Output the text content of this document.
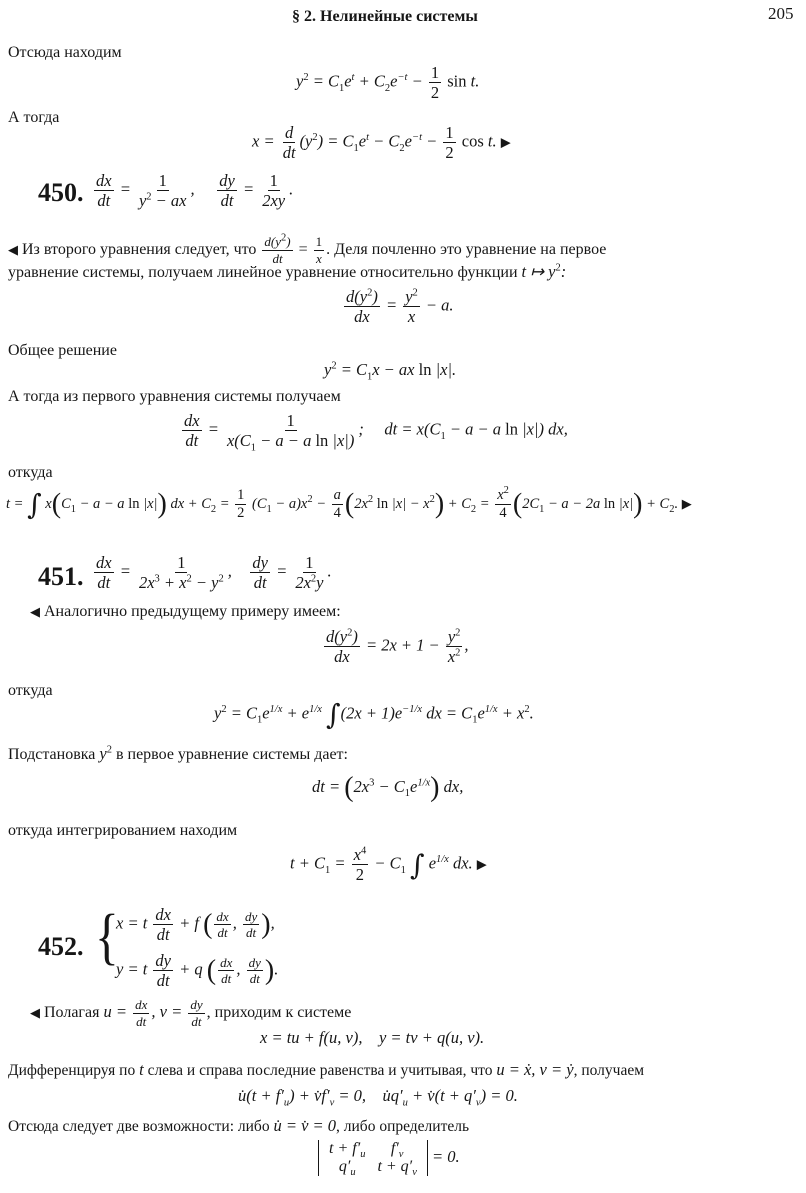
§ 2. Нелинейные системы	205
Отсюда находим
$y^2 = C_1e^t + C_2e^{-t} - \frac{1}{2}$ sin t.
А тогда
$x = \frac{d}{dt} (y^2) = C_1e^t - C_2e^{-t} - \frac{1}{2}$ cos t. ▶
450. $\frac{dx}{dt} = \frac{1}{y^2 - ax}$ , $\frac{dy}{dt} = \frac{1}{2xy}$ .
◀ Из второго уравнения следует, что $\frac{d(y^2)}{dt} = \frac{1}{x}$ . Деля почленно это уравнение на первое
уравнение системы, получаем линейное уравнение относительно функции t ↦ $y^2$:
$\frac{d(y^2)}{dx} = \frac{y^2}{x} - a$.
Общее решение
$y^2 = C_1x$ − ax ln |x|.
А тогда из первого уравнения системы получаем
$\frac{dx}{dt} = \frac{1}{x(C_1 - a - a \ln |x|)}$ ;     dt = $x(C_1 - a - a$ ln |x|) dx,
откуда
t = ∫ $x(C_1 - a - a$ ln |x|) dx + $C_2 = \frac{1}{2} (C_1 - a)x^2 - \frac{a}{4} (2x^2$ $\ln |x| - x^2) + C_2 = \frac{x^2}{4} (2C_1 - a - 2a$ $\ln |x|) + C_2$. ▶
451. $\frac{dx}{dt} = \frac{1}{2x^3 + x^2 - y^2}$ , $\frac{dy}{dt} = \frac{1}{2x^2y}$ .
◀ Аналогично предыдущему примеру имеем:
$\frac{d(y^2)}{dx} = 2x + 1 - \frac{y^2}{x^2}$ ,
откуда
$y^2 = C_1e^{1/x} + e^{1/x}$ $\int(2x + 1)e^{-1/x}$ dx = $C_1e^{1/x} + x^2$.
Подстановка $y^2$ в первое уравнение системы дает:
dt = $(2x^3 - C_1e^{1/x})$ dx,
откуда интегрированием находим
$t + C_1 = \frac{x^4}{2} - C_1$ ∫ $e^{1/x}$ dx. ▶
452. {
x = t $\frac{dx}{dt} + f$ ( $\frac{dx}{dt}$ , $\frac{dy}{dt}$ ),
y = t $\frac{dy}{dt} + q$ ( $\frac{dx}{dt}$ , $\frac{dy}{dt}$ ).
◀ Полагая $u = \frac{dx}{dt}$ , $v = \frac{dy}{dt}$ , приходим к системе
x = tu + f(u, v),    y = tv + q(u, v).
Дифференцируя по t слева и справа последние равенства и учитывая, что u = ẋ, v = ẏ, получаем
u̇(t + $f'_u$) + $v̇f'_v = 0$,    $u̇q'_u$ + v̇(t + $q'_v) = 0$.
Отсюда следует две возможности: либо u̇ = v̇ = 0, либо определитель
$t + f'_u$	$f'_v$
$q'_u$	$t + q'_v$
= 0.
